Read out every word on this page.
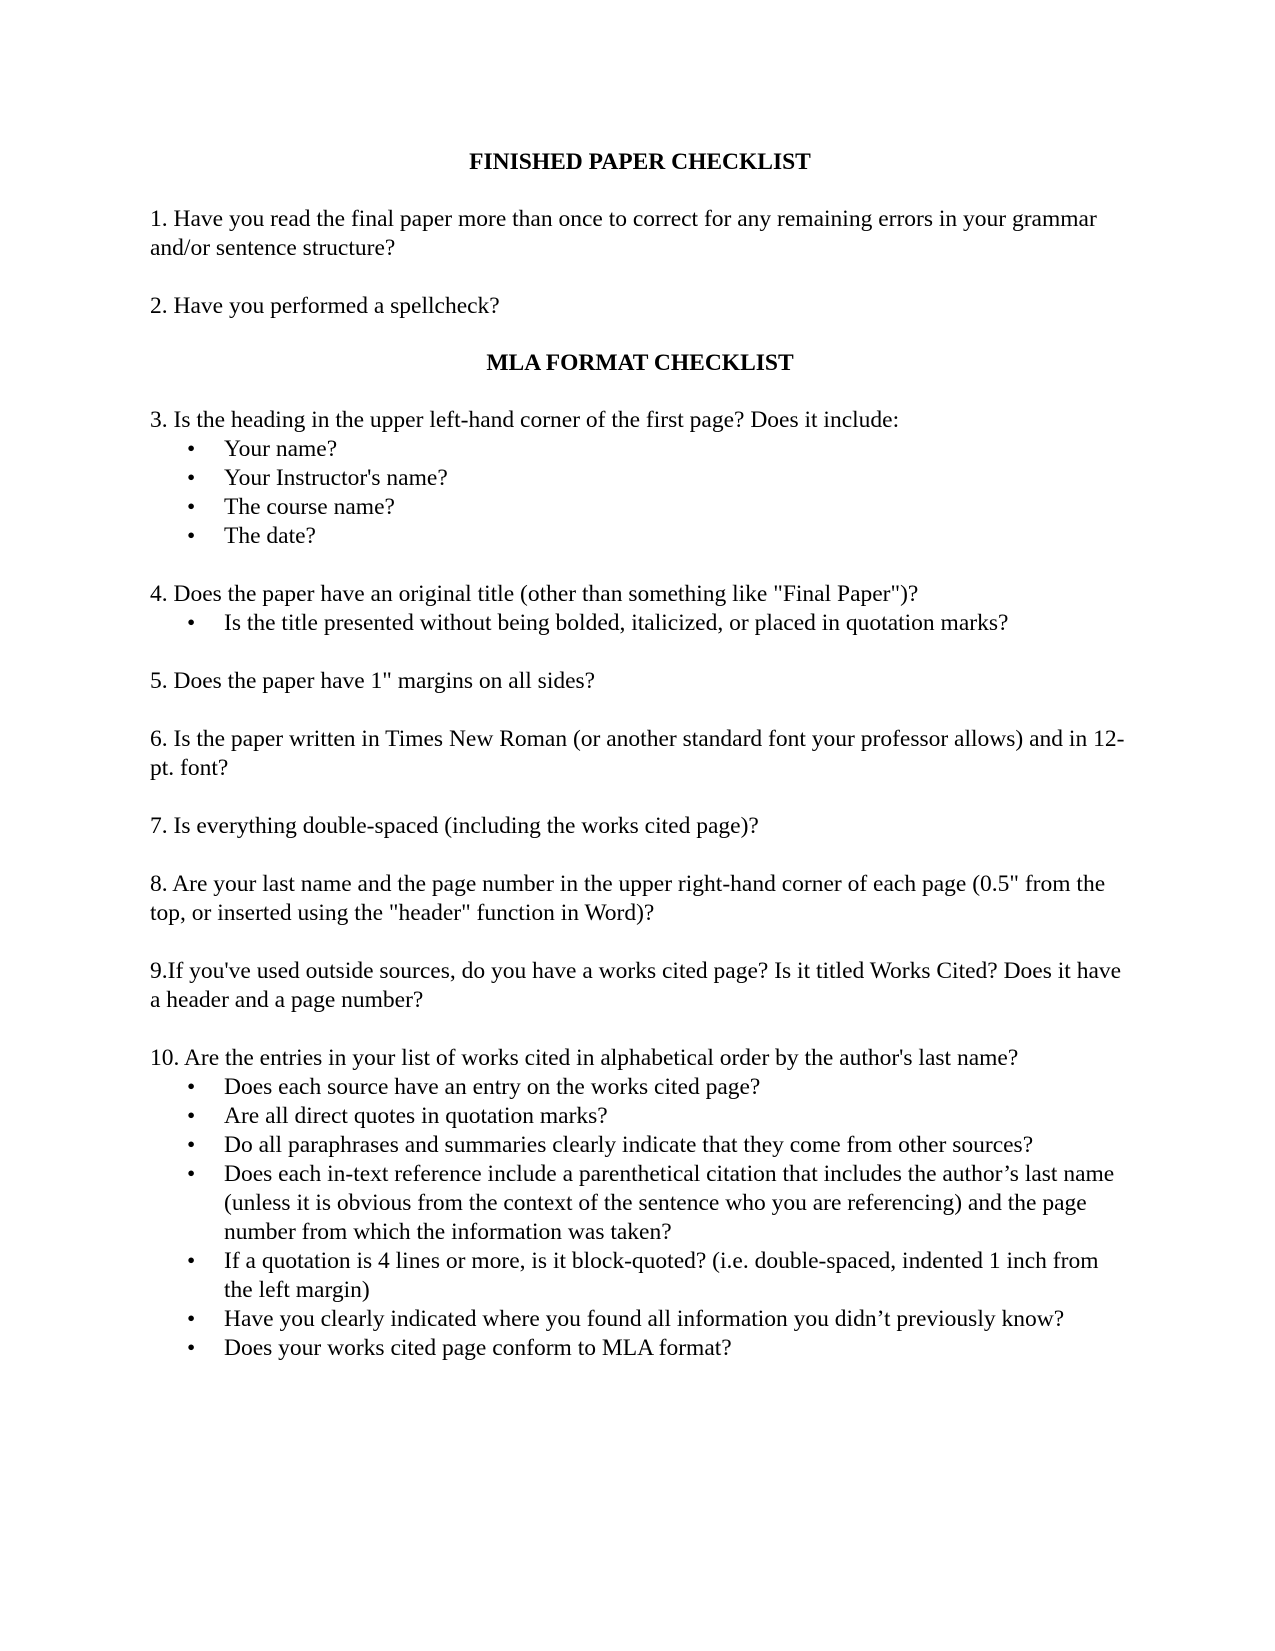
FINISHED PAPER CHECKLIST

1. Have you read the final paper more than once to correct for any remaining errors in your grammar and/or sentence structure?

2. Have you performed a spellcheck?

MLA FORMAT CHECKLIST

3. Is the heading in the upper left-hand corner of the first page? Does it include:

• Your name?
• Your Instructor's name?
• The course name?
• The date?

4. Does the paper have an original title (other than something like "Final Paper")?

• Is the title presented without being bolded, italicized, or placed in quotation marks?

5. Does the paper have 1" margins on all sides?

6. Is the paper written in Times New Roman (or another standard font your professor allows) and in 12-pt. font?

7. Is everything double-spaced (including the works cited page)?

8. Are your last name and the page number in the upper right-hand corner of each page (0.5" from the top, or inserted using the "header" function in Word)?

9.If you've used outside sources, do you have a works cited page? Is it titled Works Cited? Does it have a header and a page number?

10. Are the entries in your list of works cited in alphabetical order by the author's last name?

• Does each source have an entry on the works cited page?
• Are all direct quotes in quotation marks?
• Do all paraphrases and summaries clearly indicate that they come from other sources?
• Does each in-text reference include a parenthetical citation that includes the author’s last name (unless it is obvious from the context of the sentence who you are referencing) and the page number from which the information was taken?
• If a quotation is 4 lines or more, is it block-quoted? (i.e. double-spaced, indented 1 inch from the left margin)
• Have you clearly indicated where you found all information you didn’t previously know?
• Does your works cited page conform to MLA format?
